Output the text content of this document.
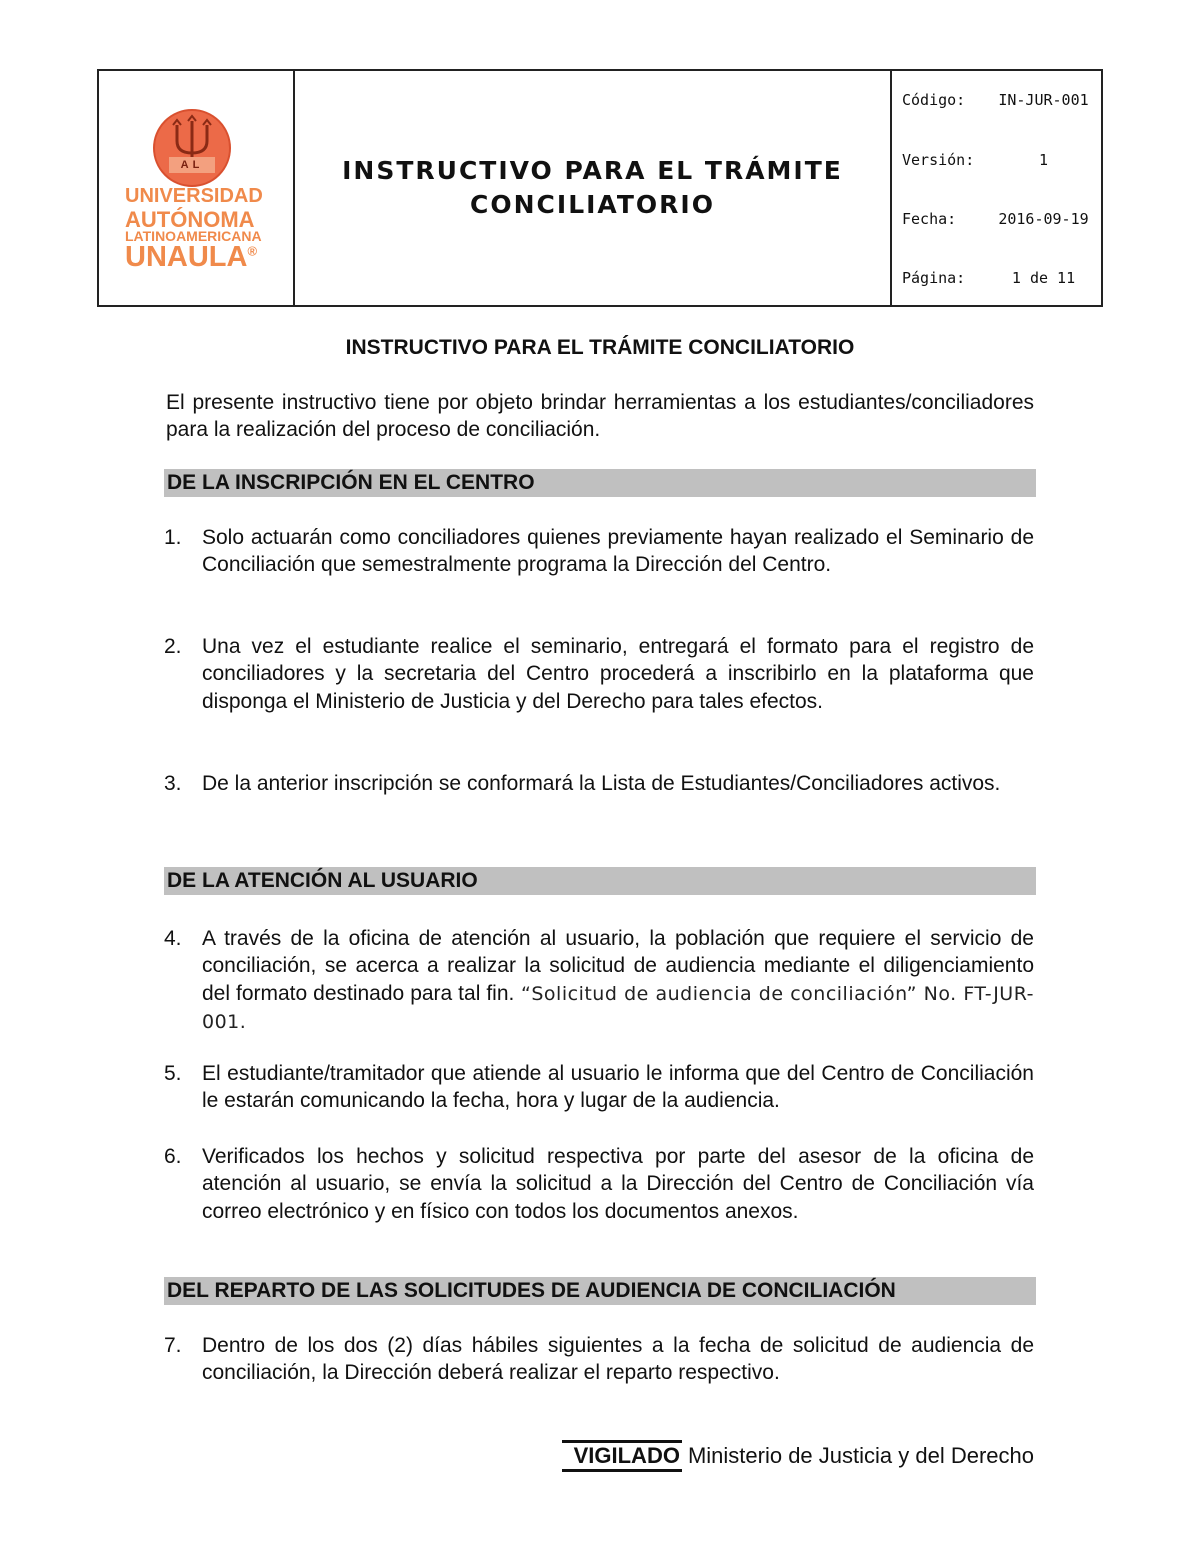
AL
UNIVERSIDAD
AUTÓNOMA
LATINOAMERICANA
UNAULA®
INSTRUCTIVO PARA EL TRÁMITE
CONCILIATORIO
Código:	IN-JUR-001
Versión:	1
Fecha:	2016-09-19
Página:	1 de 11
INSTRUCTIVO PARA EL TRÁMITE CONCILIATORIO
El presente instructivo tiene por objeto brindar herramientas a los estudiantes/conciliadores para la realización del proceso de conciliación.
DE LA INSCRIPCIÓN EN EL CENTRO
1. Solo actuarán como conciliadores quienes previamente hayan realizado el Seminario de Conciliación que semestralmente programa la Dirección del Centro.
2. Una vez el estudiante realice el seminario, entregará el formato para el registro de conciliadores y la secretaria del Centro procederá a inscribirlo en la plataforma que disponga el Ministerio de Justicia y del Derecho para tales efectos.
3. De la anterior inscripción se conformará la Lista de Estudiantes/Conciliadores activos.
DE LA ATENCIÓN AL USUARIO
4. A través de la oficina de atención al usuario, la población que requiere el servicio de conciliación, se acerca a realizar la solicitud de audiencia mediante el diligenciamiento del formato destinado para tal fin. “Solicitud de audiencia de conciliación” No. FT-JUR-001.
5. El estudiante/tramitador que atiende al usuario le informa que del Centro de Conciliación le estarán comunicando la fecha, hora y lugar de la audiencia.
6. Verificados los hechos y solicitud respectiva por parte del asesor de la oficina de atención al usuario, se envía la solicitud a la Dirección del Centro de Conciliación vía correo electrónico y en físico con todos los documentos anexos.
DEL REPARTO DE LAS SOLICITUDES DE AUDIENCIA DE CONCILIACIÓN
7. Dentro de los dos (2) días hábiles siguientes a la fecha de solicitud de audiencia de conciliación, la Dirección deberá realizar el reparto respectivo.
VIGILADO Ministerio de Justicia y del Derecho
